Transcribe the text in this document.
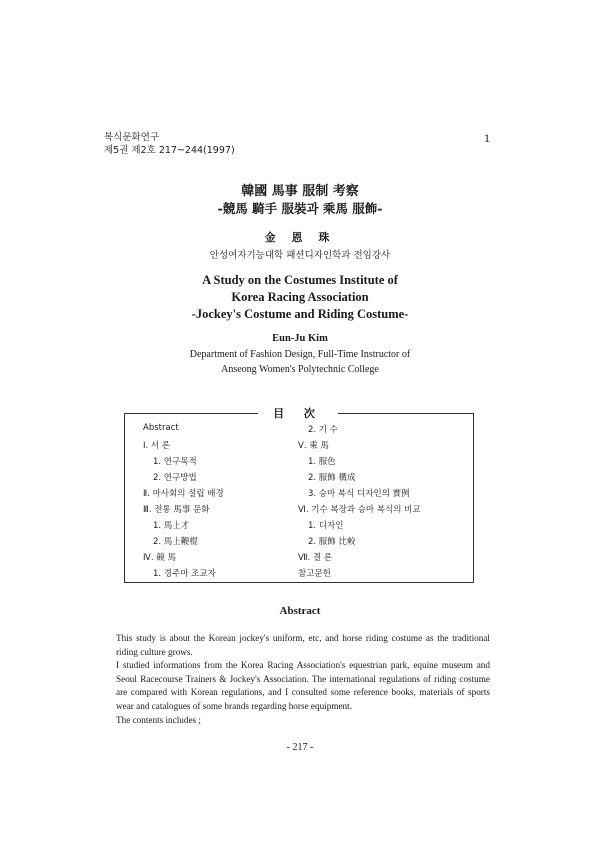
복식문화연구
제5권 제2호 217~244(1997)
1
韓國 馬事 服制 考察
-競馬 騎手 服裝과 乘馬 服飾-
金 恩 珠
안성여자기능대학 패션디자인학과 전임강사
A Study on the Costumes Institute of
Korea Racing Association
-Jockey's Costume and Riding Costume-
Eun-Ju Kim
Department of Fashion Design, Full-Time Instructor of
Anseong Women's Polytechnic College
目 次
Abstract
Ⅰ. 서 론
1. 연구목적
2. 연구방법
Ⅱ. 마사회의 설립 배경
Ⅲ. 전통 馬事 문화
1. 馬上才
2. 馬上鞭棍
Ⅳ. 競 馬
1. 경주마 조교자
2. 기 수
Ⅴ. 乘 馬
1. 服色
2. 服飾 構成
3. 승마 복식 디자인의 實例
Ⅵ. 기수 복장과 승마 복식의 비교
1. 디자인
2. 服飾 比較
Ⅶ. 결 론
참고문헌
Abstract
This study is about the Korean jockey's uniform, etc, and horse riding costume as the traditional riding culture grows.
I studied informations from the Korea Racing Association's equestrian park, equine museum and Seoul Racecourse Trainers & Jockey's Association. The international regulations of riding costume are compared with Korean regulations, and I consulted some reference books, materials of sports wear and catalogues of some brands regarding horse equipment.
The contents includes ;
- 217 -
